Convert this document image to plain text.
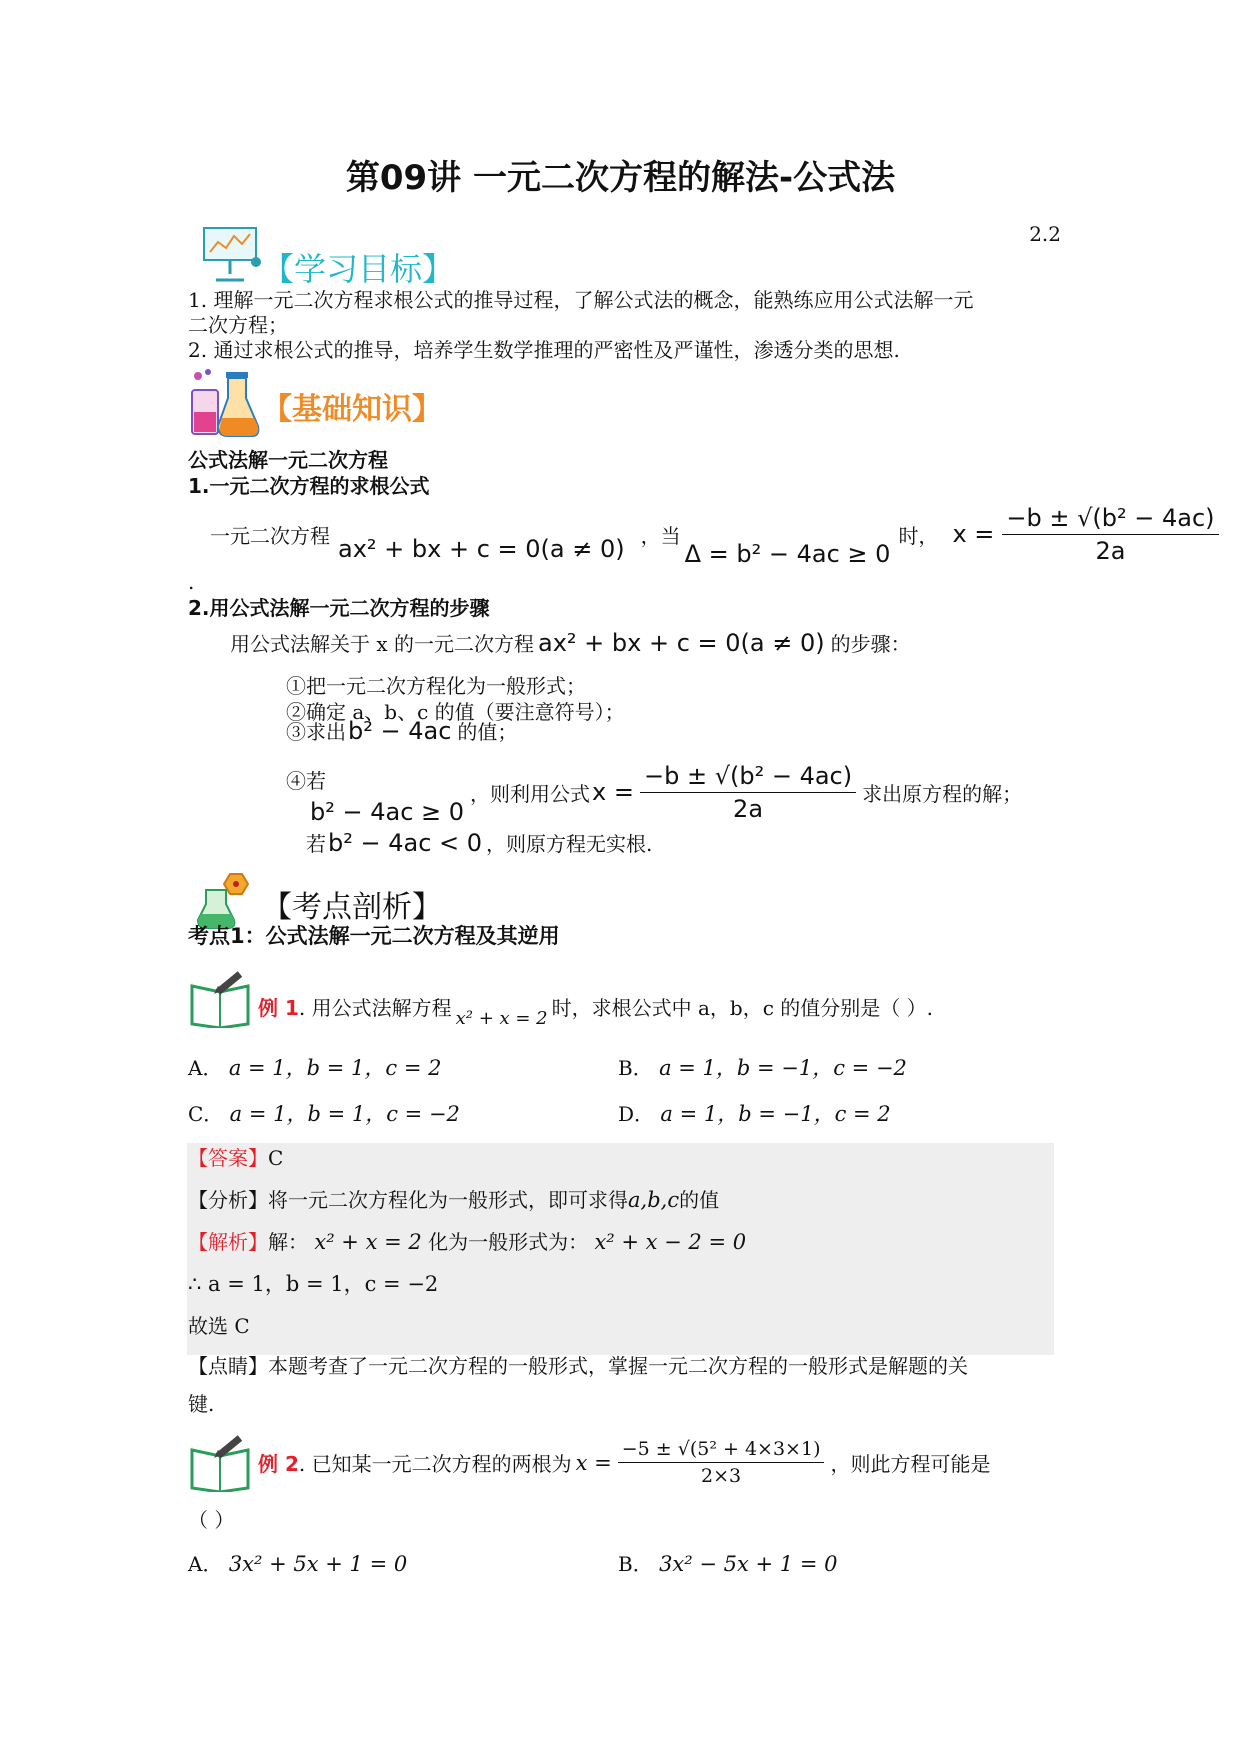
第09讲 一元二次方程的解法-公式法
2.2
【学习目标】
1. 理解一元二次方程求根公式的推导过程，了解公式法的概念，能熟练应用公式法解一元
二次方程；
2. 通过求根公式的推导，培养学生数学推理的严密性及严谨性，渗透分类的思想.
【基础知识】
公式法解一元二次方程
1.一元二次方程的求根公式
一元二次方程 ax² + bx + c = 0(a ≠ 0) ，当
Δ = b² − 4ac ≥ 0
时， $x = \frac{\text{−b ± √(b² − 4ac)}}{2a}$
.
2.用公式法解一元二次方程的步骤
用公式法解关于 x 的一元二次方程 ax² + bx + c = 0(a ≠ 0) 的步骤：
①把一元二次方程化为一般形式；
②确定 a、b、c 的值（要注意符号）；
③求出 b² − 4ac 的值；
④若
b² − 4ac ≥ 0
，则利用公式 $x = \frac{\text{−b ± √(b² − 4ac)}}{2a}$ 求出原方程的解；
若 b² − 4ac < 0 ，则原方程无实根.
【考点剖析】
考点1：公式法解一元二次方程及其逆用
例 1 . 用公式法解方程 x² + x = 2 时，求根公式中 a，b，c 的值分别是（ ）.
A． a = 1，b = 1，c = 2	B． a = 1，b = −1，c = −2
C． a = 1，b = 1，c = −2	D． a = 1，b = −1，c = 2
【答案】C
【分析】将一元二次方程化为一般形式，即可求得a,b,c的值
【解析】解： x² + x = 2 化为一般形式为： x² + x − 2 = 0
∴ a = 1，b = 1，c = −2
故选 C
【点睛】本题考查了一元二次方程的一般形式，掌握一元二次方程的一般形式是解题的关
键.
例 2 . 已知某一元二次方程的两根为 $x = \frac{\text{−5 ± √(5² + 4×3×1)}}{2\times 3}$ ，则此方程可能是
（ ）
A． 3x² + 5x + 1 = 0	B． 3x² − 5x + 1 = 0
